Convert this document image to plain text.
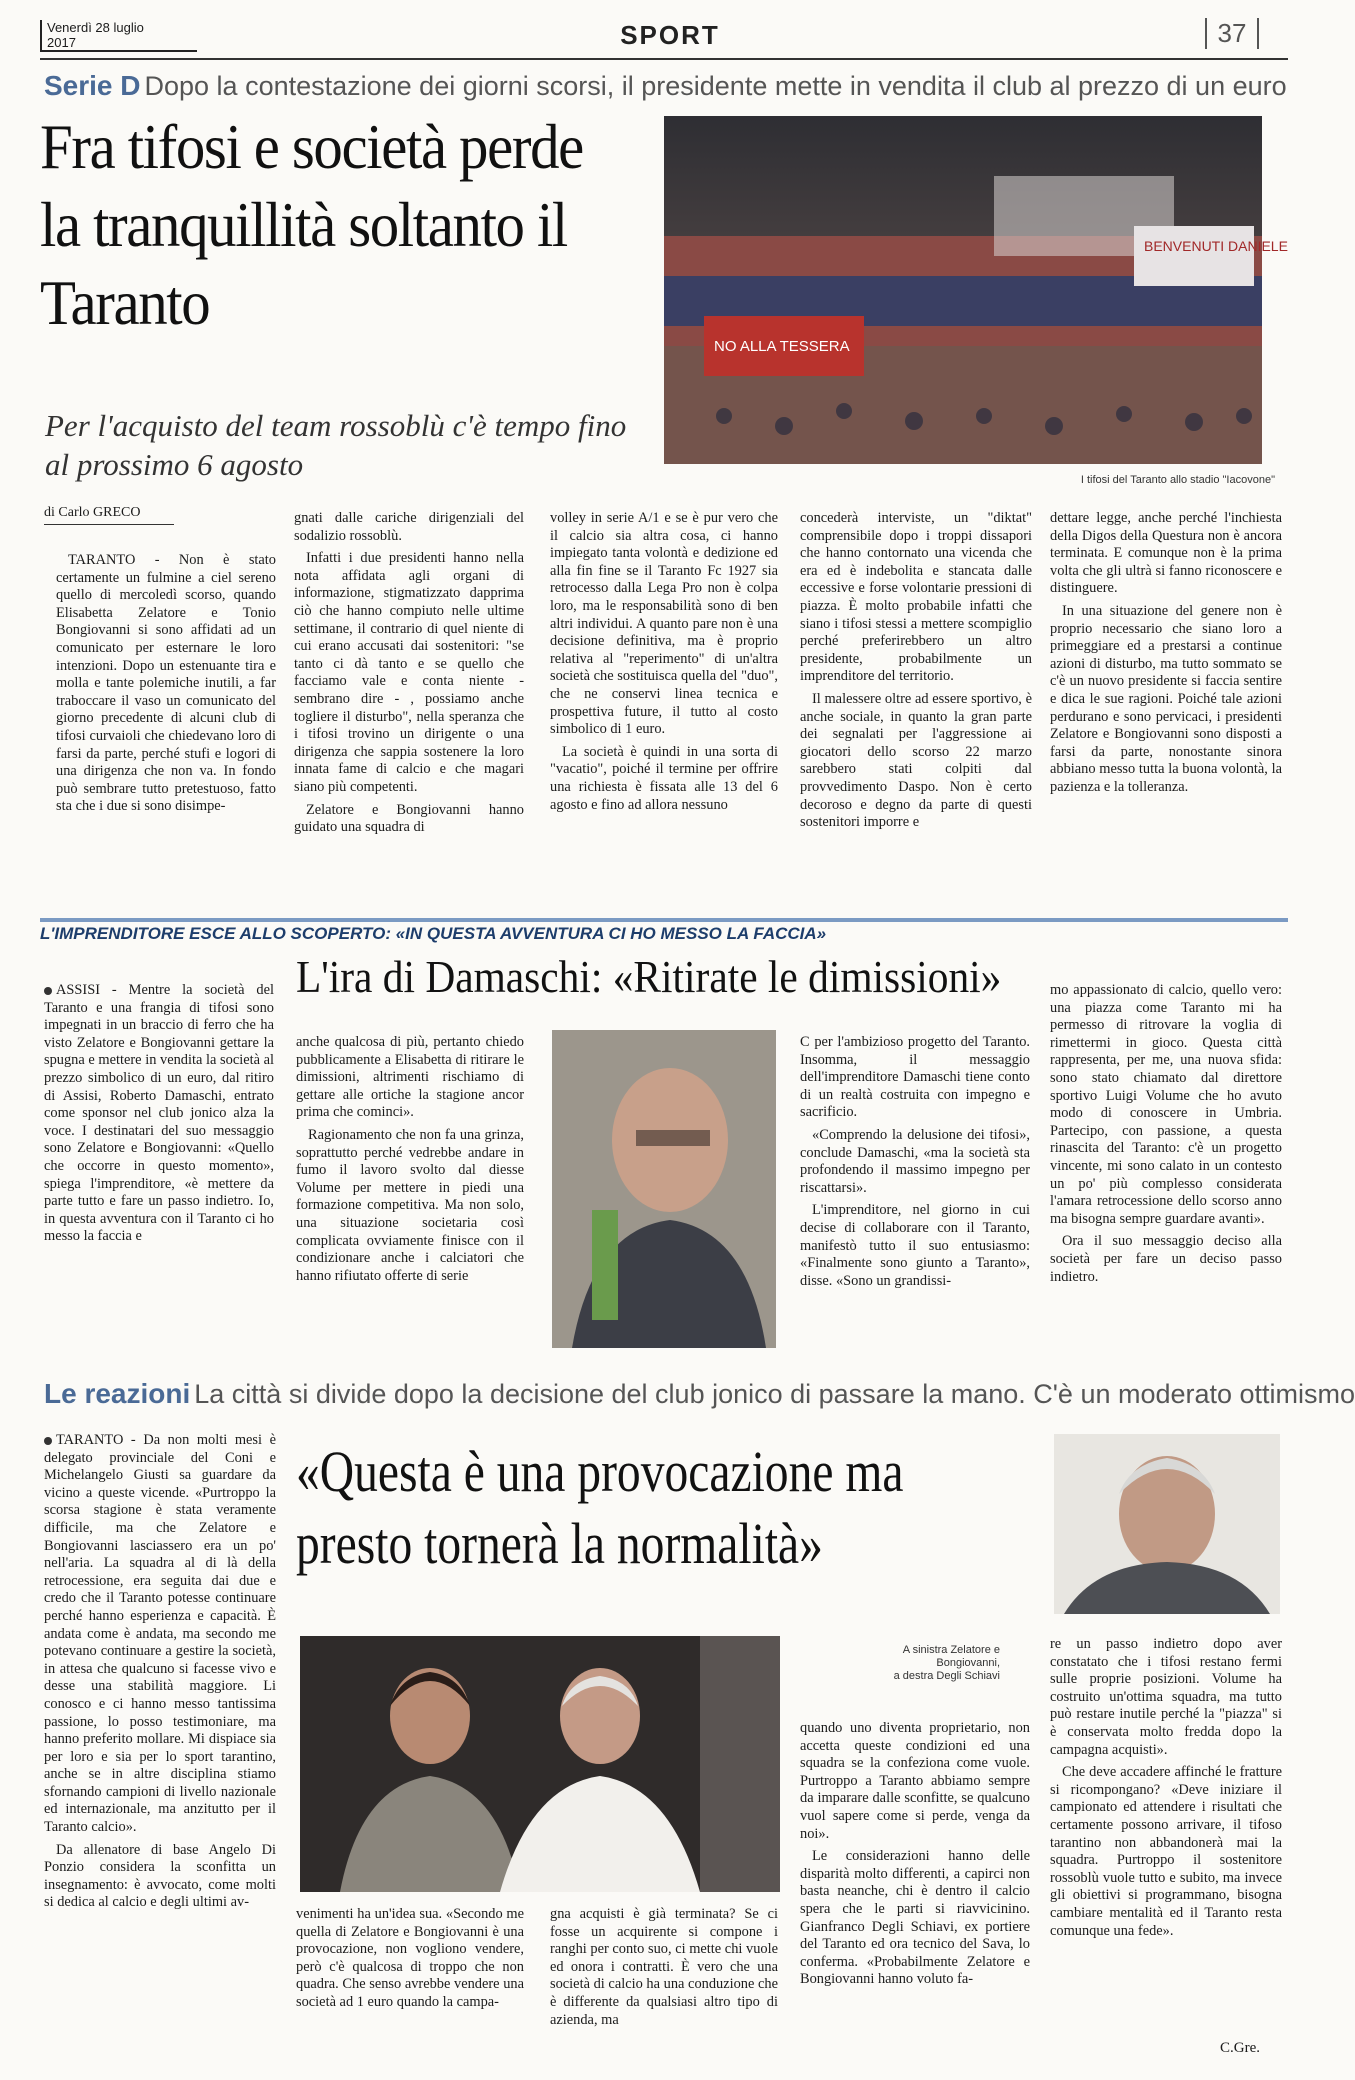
Venerdì 28 luglio
2017	SPORT	37
Serie D Dopo la contestazione dei giorni scorsi, il presidente mette in vendita il club al prezzo di un euro
Fra tifosi e società perde la tranquillità soltanto il Taranto
Per l'acquisto del team rossoblù c'è tempo fino al prossimo 6 agosto
BENVENUTI DANIELE
NO ALLA TESSERA
I tifosi del Taranto allo stadio "Iacovone"
di Carlo GRECO

TARANTO - Non è stato certamente un fulmine a ciel sereno quello di mercoledì scorso, quando Elisabetta Zelatore e Tonio Bongiovanni si sono affidati ad un comunicato per esternare le loro intenzioni. Dopo un estenuante tira e molla e tante polemiche inutili, a far traboccare il vaso un comunicato del giorno precedente di alcuni club di tifosi curvaioli che chiedevano loro di farsi da parte, perché stufi e logori di una dirigenza che non va. In fondo può sembrare tutto pretestuoso, fatto sta che i due si sono disimpe-

gnati dalle cariche dirigenziali del sodalizio rossoblù.

Infatti i due presidenti hanno nella nota affidata agli organi di informazione, stigmatizzato dapprima ciò che hanno compiuto nelle ultime settimane, il contrario di quel niente di cui erano accusati dai sostenitori: "se tanto ci dà tanto e se quello che facciamo vale e conta niente - sembrano dire - , possiamo anche togliere il disturbo", nella speranza che i tifosi trovino un dirigente o una dirigenza che sappia sostenere la loro innata fame di calcio e che magari siano più competenti.

Zelatore e Bongiovanni hanno guidato una squadra di

volley in serie A/1 e se è pur vero che il calcio sia altra cosa, ci hanno impiegato tanta volontà e dedizione ed alla fin fine se il Taranto Fc 1927 sia retrocesso dalla Lega Pro non è colpa loro, ma le responsabilità sono di ben altri individui. A quanto pare non è una decisione definitiva, ma è proprio relativa al "reperimento" di un'altra società che sostituisca quella del "duo", che ne conservi linea tecnica e prospettiva future, il tutto al costo simbolico di 1 euro.

La società è quindi in una sorta di "vacatio", poiché il termine per offrire una richiesta è fissata alle 13 del 6 agosto e fino ad allora nessuno

concederà interviste, un "diktat" comprensibile dopo i troppi dissapori che hanno contornato una vicenda che era ed è indebolita e stancata dalle eccessive e forse volontarie pressioni di piazza. È molto probabile infatti che siano i tifosi stessi a mettere scompiglio perché preferirebbero un altro presidente, probabilmente un imprenditore del territorio.

Il malessere oltre ad essere sportivo, è anche sociale, in quanto la gran parte dei segnalati per l'aggressione ai giocatori dello scorso 22 marzo sarebbero stati colpiti dal provvedimento Daspo. Non è certo decoroso e degno da parte di questi sostenitori imporre e

dettare legge, anche perché l'inchiesta della Digos della Questura non è ancora terminata. E comunque non è la prima volta che gli ultrà si fanno riconoscere e distinguere.

In una situazione del genere non è proprio necessario che siano loro a primeggiare ed a prestarsi a continue azioni di disturbo, ma tutto sommato se c'è un nuovo presidente si faccia sentire e dica le sue ragioni. Poiché tale azioni perdurano e sono pervicaci, i presidenti Zelatore e Bongiovanni sono disposti a farsi da parte, nonostante sinora abbiano messo tutta la buona volontà, la pazienza e la tolleranza.

L'IMPRENDITORE ESCE ALLO SCOPERTO: «IN QUESTA AVVENTURA CI HO MESSO LA FACCIA»
L'ira di Damaschi: «Ritirate le dimissioni»

ASSISI - Mentre la società del Taranto e una frangia di tifosi sono impegnati in un braccio di ferro che ha visto Zelatore e Bongiovanni gettare la spugna e mettere in vendita la società al prezzo simbolico di un euro, dal ritiro di Assisi, Roberto Damaschi, entrato come sponsor nel club jonico alza la voce. I destinatari del suo messaggio sono Zelatore e Bongiovanni: «Quello che occorre in questo momento», spiega l'imprenditore, «è mettere da parte tutto e fare un passo indietro. Io, in questa avventura con il Taranto ci ho messo la faccia e

anche qualcosa di più, pertanto chiedo pubblicamente a Elisabetta di ritirare le dimissioni, altrimenti rischiamo di gettare alle ortiche la stagione ancor prima che cominci».

Ragionamento che non fa una grinza, soprattutto perché vedrebbe andare in fumo il lavoro svolto dal diesse Volume per mettere in piedi una formazione competitiva. Ma non solo, una situazione societaria così complicata ovviamente finisce con il condizionare anche i calciatori che hanno rifiutato offerte di serie

C per l'ambizioso progetto del Taranto. Insomma, il messaggio dell'imprenditore Damaschi tiene conto di un realtà costruita con impegno e sacrificio.

«Comprendo la delusione dei tifosi», conclude Damaschi, «ma la società sta profondendo il massimo impegno per riscattarsi».

L'imprenditore, nel giorno in cui decise di collaborare con il Taranto, manifestò tutto il suo entusiasmo: «Finalmente sono giunto a Taranto», disse. «Sono un grandissi-

mo appassionato di calcio, quello vero: una piazza come Taranto mi ha permesso di ritrovare la voglia di rimettermi in gioco. Questa città rappresenta, per me, una nuova sfida: sono stato chiamato dal direttore sportivo Luigi Volume che ho avuto modo di conoscere in Umbria. Partecipo, con passione, a questa rinascita del Taranto: c'è un progetto vincente, mi sono calato in un contesto un po' più complesso considerata l'amara retrocessione dello scorso anno ma bisogna sempre guardare avanti».

Ora il suo messaggio deciso alla società per fare un deciso passo indietro.

Le reazioni La città si divide dopo la decisione del club jonico di passare la mano. C'è un moderato ottimismo
«Questa è una provocazione ma presto tornerà la normalità»

TARANTO - Da non molti mesi è delegato provinciale del Coni e Michelangelo Giusti sa guardare da vicino a queste vicende. «Purtroppo la scorsa stagione è stata veramente difficile, ma che Zelatore e Bongiovanni lasciassero era un po' nell'aria. La squadra al di là della retrocessione, era seguita dai due e credo che il Taranto potesse continuare perché hanno esperienza e capacità. È andata come è andata, ma secondo me potevano continuare a gestire la società, in attesa che qualcuno si facesse vivo e desse una stabilità maggiore. Li conosco e ci hanno messo tantissima passione, lo posso testimoniare, ma hanno preferito mollare. Mi dispiace sia per loro e sia per lo sport tarantino, anche se in altre disciplina stiamo sfornando campioni di livello nazionale ed internazionale, ma anzitutto per il Taranto calcio».

Da allenatore di base Angelo Di Ponzio considera la sconfitta un insegnamento: è avvocato, come molti si dedica al calcio e degli ultimi av-

A sinistra Zelatore e
Bongiovanni,
a destra Degli Schiavi

venimenti ha un'idea sua. «Secondo me quella di Zelatore e Bongiovanni è una provocazione, non vogliono vendere, però c'è qualcosa di troppo che non quadra. Che senso avrebbe vendere una società ad 1 euro quando la campa-

gna acquisti è già terminata? Se ci fosse un acquirente si compone i ranghi per conto suo, ci mette chi vuole ed onora i contratti. È vero che una società di calcio ha una conduzione che è differente da qualsiasi altro tipo di azienda, ma

quando uno diventa proprietario, non accetta queste condizioni ed una squadra se la confeziona come vuole. Purtroppo a Taranto abbiamo sempre da imparare dalle sconfitte, se qualcuno vuol sapere come si perde, venga da noi».

Le considerazioni hanno delle disparità molto differenti, a capirci non basta neanche, chi è dentro il calcio spera che le parti si riavvicinino. Gianfranco Degli Schiavi, ex portiere del Taranto ed ora tecnico del Sava, lo conferma. «Probabilmente Zelatore e Bongiovanni hanno voluto fa-

re un passo indietro dopo aver constatato che i tifosi restano fermi sulle proprie posizioni. Volume ha costruito un'ottima squadra, ma tutto può restare inutile perché la "piazza" si è conservata molto fredda dopo la campagna acquisti».

Che deve accadere affinché le fratture si ricompongano? «Deve iniziare il campionato ed attendere i risultati che certamente possono arrivare, il tifoso tarantino non abbandonerà mai la squadra. Purtroppo il sostenitore rossoblù vuole tutto e subito, ma invece gli obiettivi si programmano, bisogna cambiare mentalità ed il Taranto resta comunque una fede».

C.Gre.
